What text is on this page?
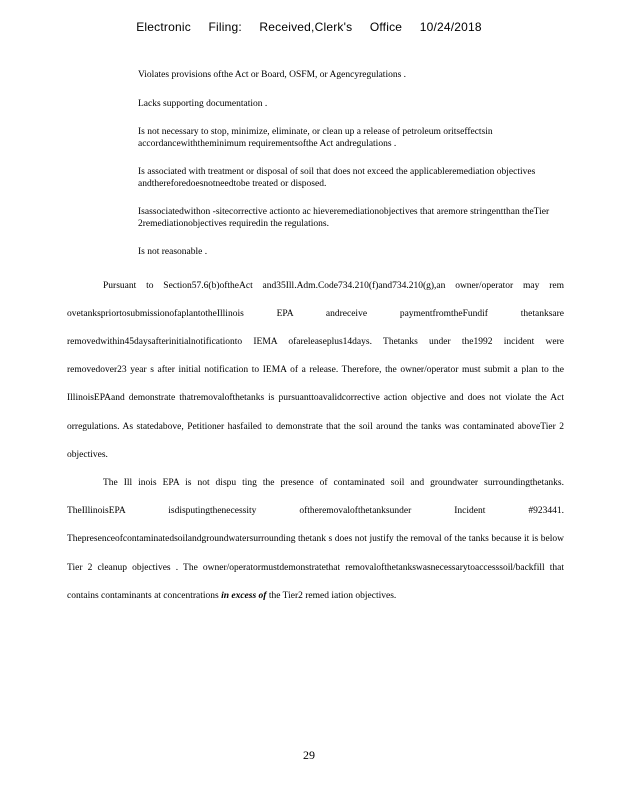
Electronic Filing: Received,Clerk's Office 10/24/2018
Violates provisions ofthe Act or Board, OSFM, or Agencyregulations .
Lacks supporting documentation .
Is not necessary to stop, minimize, eliminate, or clean up a release of petroleum oritseffectsin accordancewiththeminimum requirementsofthe Act andregulations .
Is associated with treatment or disposal of soil that does not exceed the applicableremediation objectives andthereforedoesnotneedtobe treated or disposed.
Isassociatedwithon -sitecorrective actionto ac hieveremediationobjectives that aremore stringentthan theTier 2remediationobjectives requiredin the regulations.
Is not reasonable .

Pursuant to Section57.6(b)oftheAct and35Ill.Adm.Code734.210(f)and734.210(g),an owner/operator may rem ovetankspriortosubmissionofaplantotheIllinois EPA andreceive paymentfromtheFundif thetanksare removedwithin45daysafterinitialnotificationto IEMA ofareleaseplus14days. Thetanks under the1992 incident were removedover23 year s after initial notification to IEMA of a release. Therefore, the owner/operator must submit a plan to the IllinoisEPAand demonstrate thatremovalofthetanks is pursuanttoavalidcorrective action objective and does not violate the Act orregulations. As statedabove, Petitioner hasfailed to demonstrate that the soil around the tanks was contaminated aboveTier 2 objectives.

The Ill inois EPA is not dispu ting the presence of contaminated soil and groundwater surroundingthetanks. TheIllinoisEPA isdisputingthenecessity oftheremovalofthetanksunder Incident #923441. Thepresenceofcontaminatedsoilandgroundwatersurrounding thetank s does not justify the removal of the tanks because it is below Tier 2 cleanup objectives . The owner/operatormustdemonstratethat removalofthetankswasnecessarytoaccesssoil/backfill that contains contaminants at concentrations in excess of the Tier2 remed iation objectives.

29
